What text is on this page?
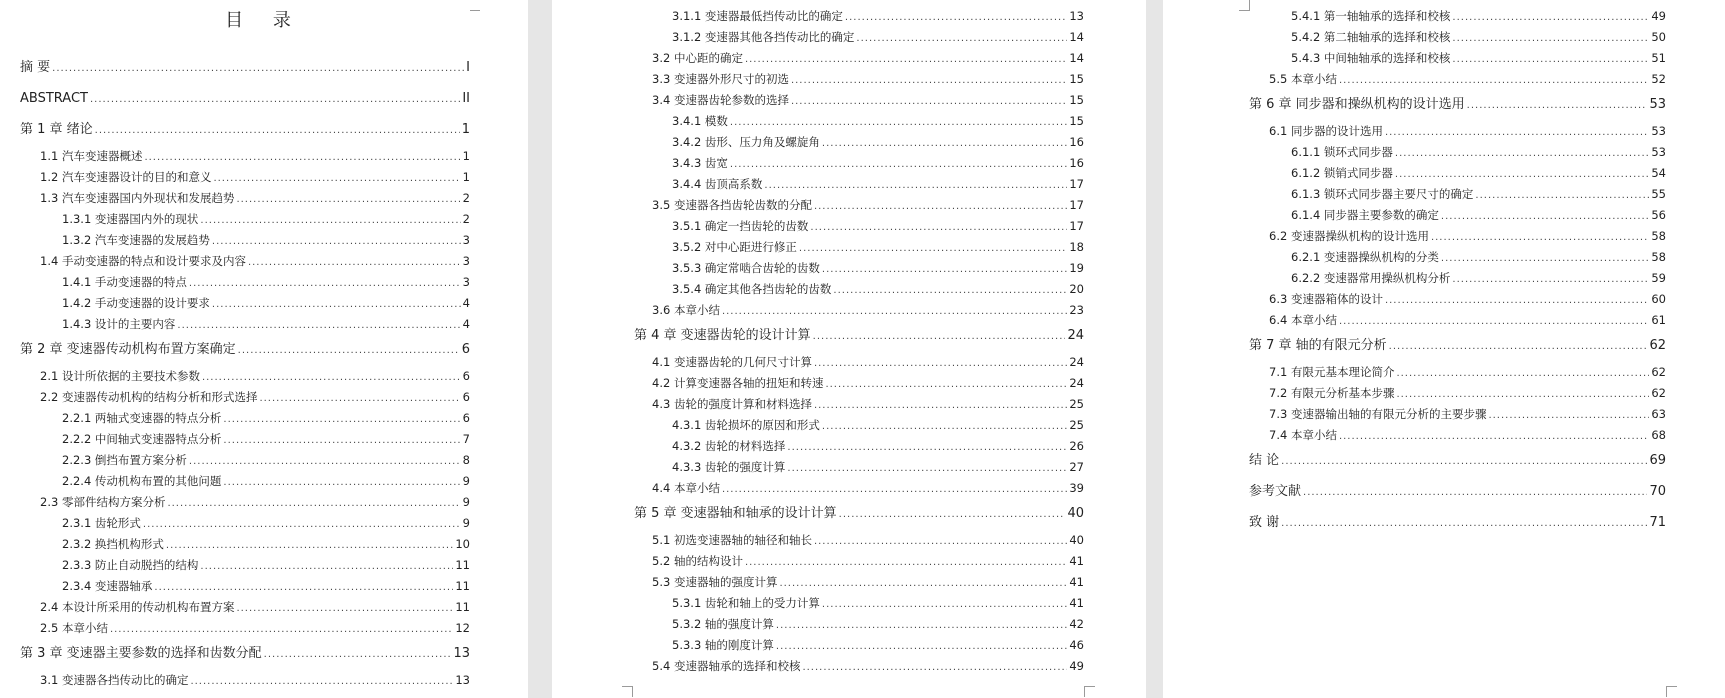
目 录
摘 要 .....	I
ABSTRACT .....	II
第 1 章 绪论 .....	1
1.1 汽车变速器概述 .....	1
1.2 汽车变速器设计的目的和意义 .....	1
1.3 汽车变速器国内外现状和发展趋势 .....	2
1.3.1 变速器国内外的现状 .....	2
1.3.2 汽车变速器的发展趋势 .....	3
1.4 手动变速器的特点和设计要求及内容 .....	3
1.4.1 手动变速器的特点 .....	3
1.4.2 手动变速器的设计要求 .....	4
1.4.3 设计的主要内容 .....	4
第 2 章 变速器传动机构布置方案确定 .....	6
2.1 设计所依据的主要技术参数 .....	6
2.2 变速器传动机构的结构分析和形式选择 .....	6
2.2.1 两轴式变速器的特点分析 .....	6
2.2.2 中间轴式变速器特点分析 .....	7
2.2.3 倒挡布置方案分析 .....	8
2.2.4 传动机构布置的其他问题 .....	9
2.3 零部件结构方案分析 .....	9
2.3.1 齿轮形式 .....	9
2.3.2 换挡机构形式 .....	10
2.3.3 防止自动脱挡的结构 .....	11
2.3.4 变速器轴承 .....	11
2.4 本设计所采用的传动机构布置方案 .....	11
2.5 本章小结 .....	12
第 3 章 变速器主要参数的选择和齿数分配 .....	13
3.1 变速器各挡传动比的确定 .....	13
3.1.1 变速器最低挡传动比的确定 .....	13
3.1.2 变速器其他各挡传动比的确定 .....	14
3.2 中心距的确定 .....	14
3.3 变速器外形尺寸的初选 .....	15
3.4 变速器齿轮参数的选择 .....	15
3.4.1 模数 .....	15
3.4.2 齿形、压力角及螺旋角 .....	16
3.4.3 齿宽 .....	16
3.4.4 齿顶高系数 .....	17
3.5 变速器各挡齿轮齿数的分配 .....	17
3.5.1 确定一挡齿轮的齿数 .....	17
3.5.2 对中心距进行修正 .....	18
3.5.3 确定常啮合齿轮的齿数 .....	19
3.5.4 确定其他各挡齿轮的齿数 .....	20
3.6 本章小结 .....	23
第 4 章 变速器齿轮的设计计算 .....	24
4.1 变速器齿轮的几何尺寸计算 .....	24
4.2 计算变速器各轴的扭矩和转速 .....	24
4.3 齿轮的强度计算和材料选择 .....	25
4.3.1 齿轮损坏的原因和形式 .....	25
4.3.2 齿轮的材料选择 .....	26
4.3.3 齿轮的强度计算 .....	27
4.4 本章小结 .....	39
第 5 章 变速器轴和轴承的设计计算 .....	40
5.1 初选变速器轴的轴径和轴长 .....	40
5.2 轴的结构设计 .....	41
5.3 变速器轴的强度计算 .....	41
5.3.1 齿轮和轴上的受力计算 .....	41
5.3.2 轴的强度计算 .....	42
5.3.3 轴的刚度计算 .....	46
5.4 变速器轴承的选择和校核 .....	49
5.4.1 第一轴轴承的选择和校核 .....	49
5.4.2 第二轴轴承的选择和校核 .....	50
5.4.3 中间轴轴承的选择和校核 .....	51
5.5 本章小结 .....	52
第 6 章 同步器和操纵机构的设计选用 .....	53
6.1 同步器的设计选用 .....	53
6.1.1 锁环式同步器 .....	53
6.1.2 锁销式同步器 .....	54
6.1.3 锁环式同步器主要尺寸的确定 .....	55
6.1.4 同步器主要参数的确定 .....	56
6.2 变速器操纵机构的设计选用 .....	58
6.2.1 变速器操纵机构的分类 .....	58
6.2.2 变速器常用操纵机构分析 .....	59
6.3 变速器箱体的设计 .....	60
6.4 本章小结 .....	61
第 7 章 轴的有限元分析 .....	62
7.1 有限元基本理论简介 .....	62
7.2 有限元分析基本步骤 .....	62
7.3 变速器输出轴的有限元分析的主要步骤 .....	63
7.4 本章小结 .....	68
结 论 .....	69
参考文献 .....	70
致 谢 .....	71
